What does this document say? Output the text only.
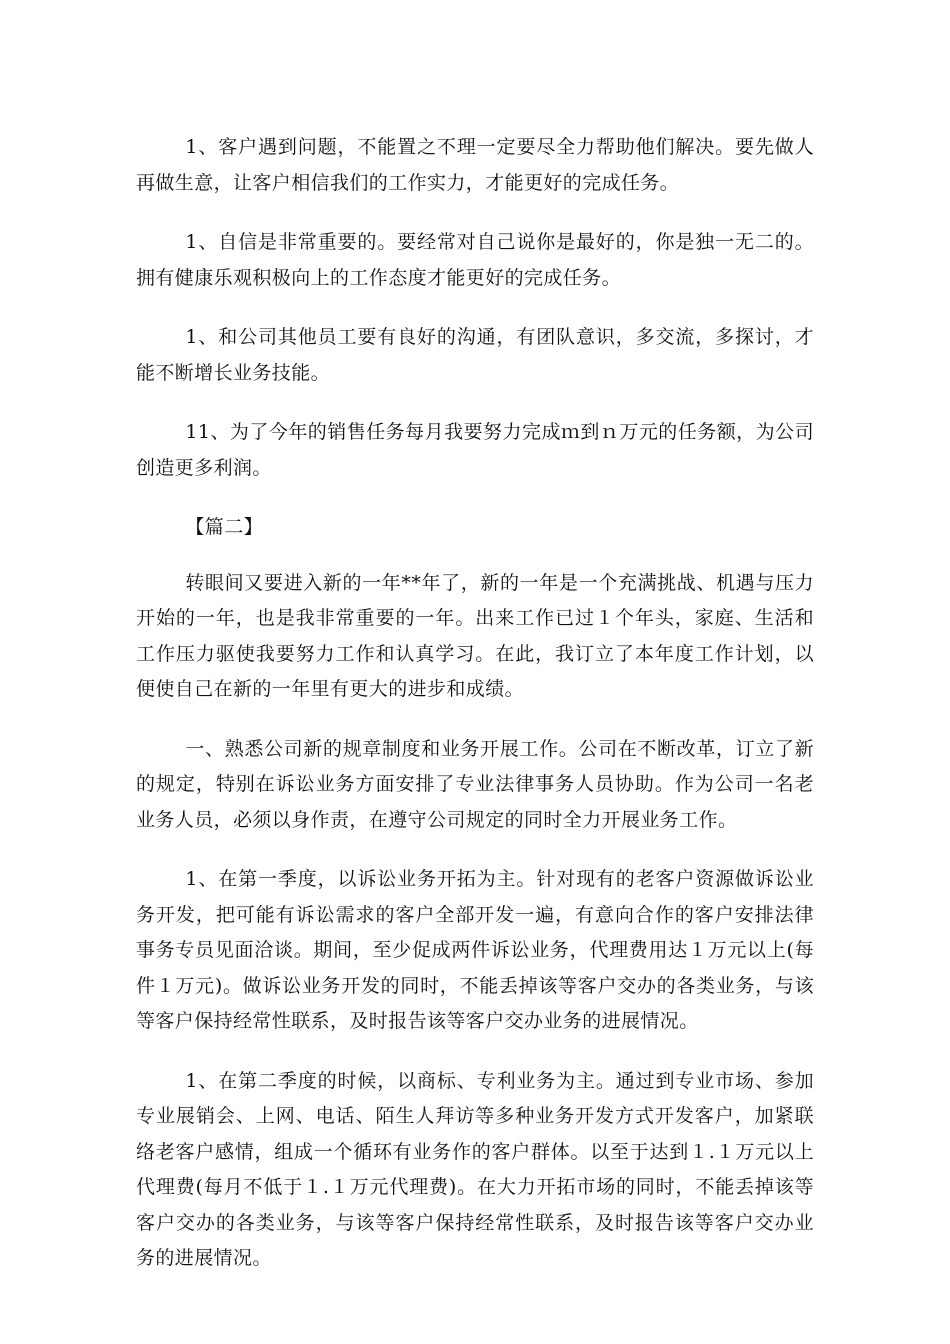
1、客户遇到问题，不能置之不理一定要尽全力帮助他们解决。要先做人再做生意，让客户相信我们的工作实力，才能更好的完成任务。

1、自信是非常重要的。要经常对自己说你是最好的，你是独一无二的。拥有健康乐观积极向上的工作态度才能更好的完成任务。

1、和公司其他员工要有良好的沟通，有团队意识，多交流，多探讨，才能不断增长业务技能。

11、为了今年的销售任务每月我要努力完成ｍ到ｎ万元的任务额，为公司创造更多利润。

【篇二】

转眼间又要进入新的一年**年了，新的一年是一个充满挑战、机遇与压力开始的一年，也是我非常重要的一年。出来工作已过１个年头，家庭、生活和工作压力驱使我要努力工作和认真学习。在此，我订立了本年度工作计划，以便使自己在新的一年里有更大的进步和成绩。

一、熟悉公司新的规章制度和业务开展工作。公司在不断改革，订立了新的规定，特别在诉讼业务方面安排了专业法律事务人员协助。作为公司一名老业务人员，必须以身作责，在遵守公司规定的同时全力开展业务工作。

1、在第一季度，以诉讼业务开拓为主。针对现有的老客户资源做诉讼业务开发，把可能有诉讼需求的客户全部开发一遍，有意向合作的客户安排法律事务专员见面洽谈。期间，至少促成两件诉讼业务，代理费用达１万元以上(每件１万元)。做诉讼业务开发的同时，不能丢掉该等客户交办的各类业务，与该等客户保持经常性联系，及时报告该等客户交办业务的进展情况。

1、在第二季度的时候，以商标、专利业务为主。通过到专业市场、参加专业展销会、上网、电话、陌生人拜访等多种业务开发方式开发客户，加紧联络老客户感情，组成一个循环有业务作的客户群体。以至于达到１.１万元以上代理费(每月不低于１.１万元代理费)。在大力开拓市场的同时，不能丢掉该等客户交办的各类业务，与该等客户保持经常性联系，及时报告该等客户交办业务的进展情况。
